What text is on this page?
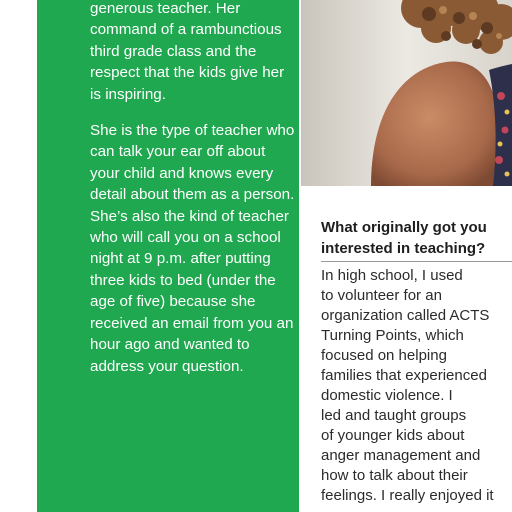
generous teacher. Her command of a rambunctious third grade class and the respect that the kids give her is inspiring.

She is the type of teacher who can talk your ear off about your child and knows every detail about them as a person. She’s also the kind of teacher who will call you on a school night at 9 p.m. after putting three kids to bed (under the age of five) because she received an email from you an hour ago and wanted to address your question.

What originally got you interested in teaching?
In high school, I used
to volunteer for an
organization called ACTS
Turning Points, which
focused on helping
families that experienced
domestic violence. I
led and taught groups
of younger kids about
anger management and
how to talk about their
feelings. I really enjoyed it
